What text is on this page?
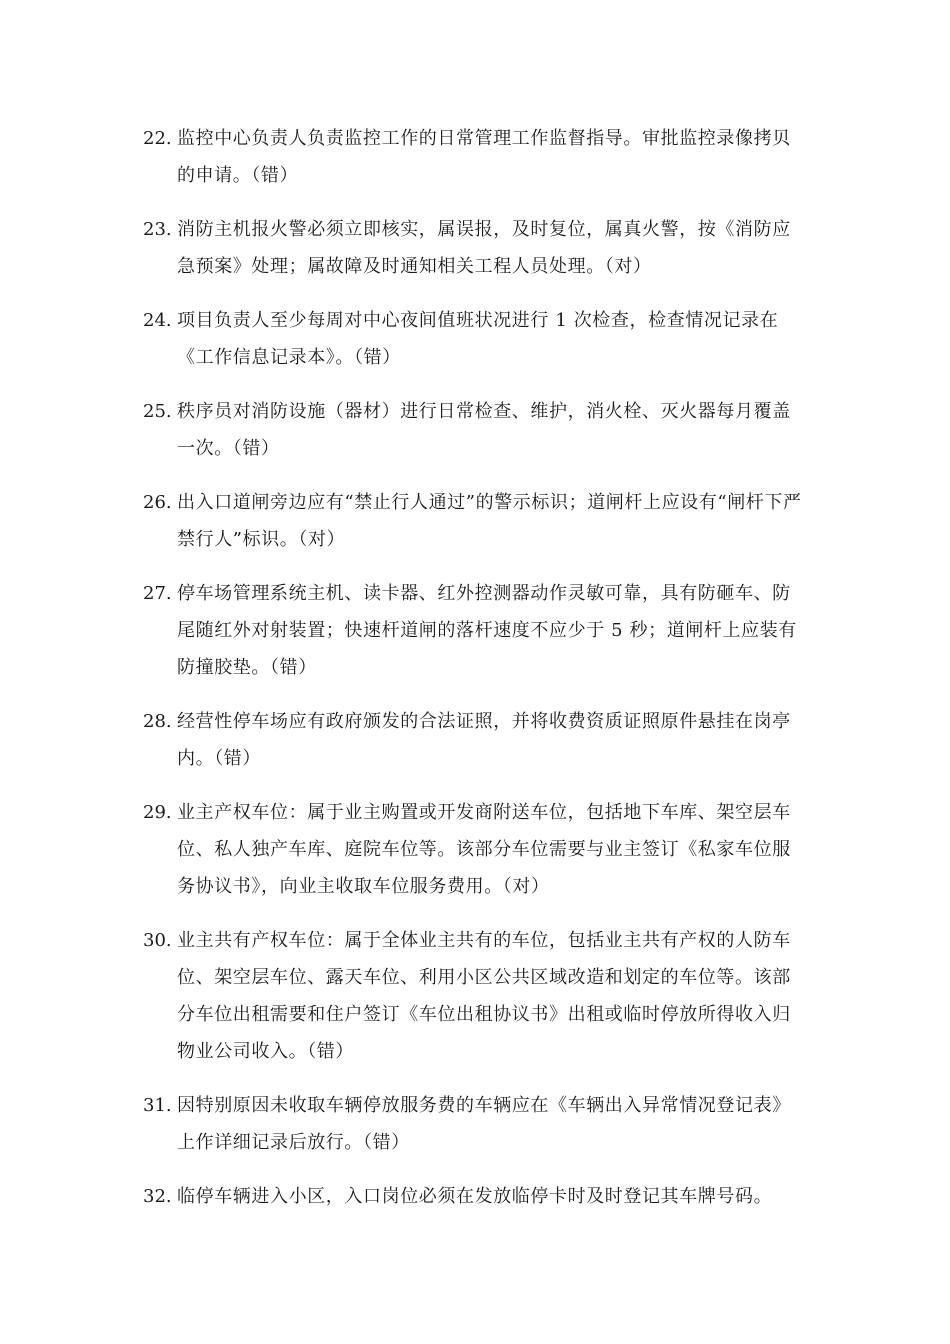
22. 监控中心负责人负责监控工作的日常管理工作监督指导。审批监控录像拷贝的申请。（错）
23. 消防主机报火警必须立即核实，属误报，及时复位，属真火警，按《消防应急预案》处理；属故障及时通知相关工程人员处理。（对）
24. 项目负责人至少每周对中心夜间值班状况进行 1 次检查，检查情况记录在《工作信息记录本》。（错）
25. 秩序员对消防设施（器材）进行日常检查、维护，消火栓、灭火器每月覆盖一次。（错）
26. 出入口道闸旁边应有“禁止行人通过”的警示标识；道闸杆上应设有“闸杆下严禁行人”标识。（对）
27. 停车场管理系统主机、读卡器、红外控测器动作灵敏可靠，具有防砸车、防尾随红外对射装置；快速杆道闸的落杆速度不应少于 5 秒；道闸杆上应装有防撞胶垫。（错）
28. 经营性停车场应有政府颁发的合法证照，并将收费资质证照原件悬挂在岗亭内。（错）
29. 业主产权车位：属于业主购置或开发商附送车位，包括地下车库、架空层车位、私人独产车库、庭院车位等。该部分车位需要与业主签订《私家车位服务协议书》，向业主收取车位服务费用。（对）
30. 业主共有产权车位：属于全体业主共有的车位，包括业主共有产权的人防车位、架空层车位、露天车位、利用小区公共区域改造和划定的车位等。该部分车位出租需要和住户签订《车位出租协议书》出租或临时停放所得收入归物业公司收入。（错）
31. 因特别原因未收取车辆停放服务费的车辆应在《车辆出入异常情况登记表》上作详细记录后放行。（错）
32. 临停车辆进入小区，入口岗位必须在发放临停卡时及时登记其车牌号码。
